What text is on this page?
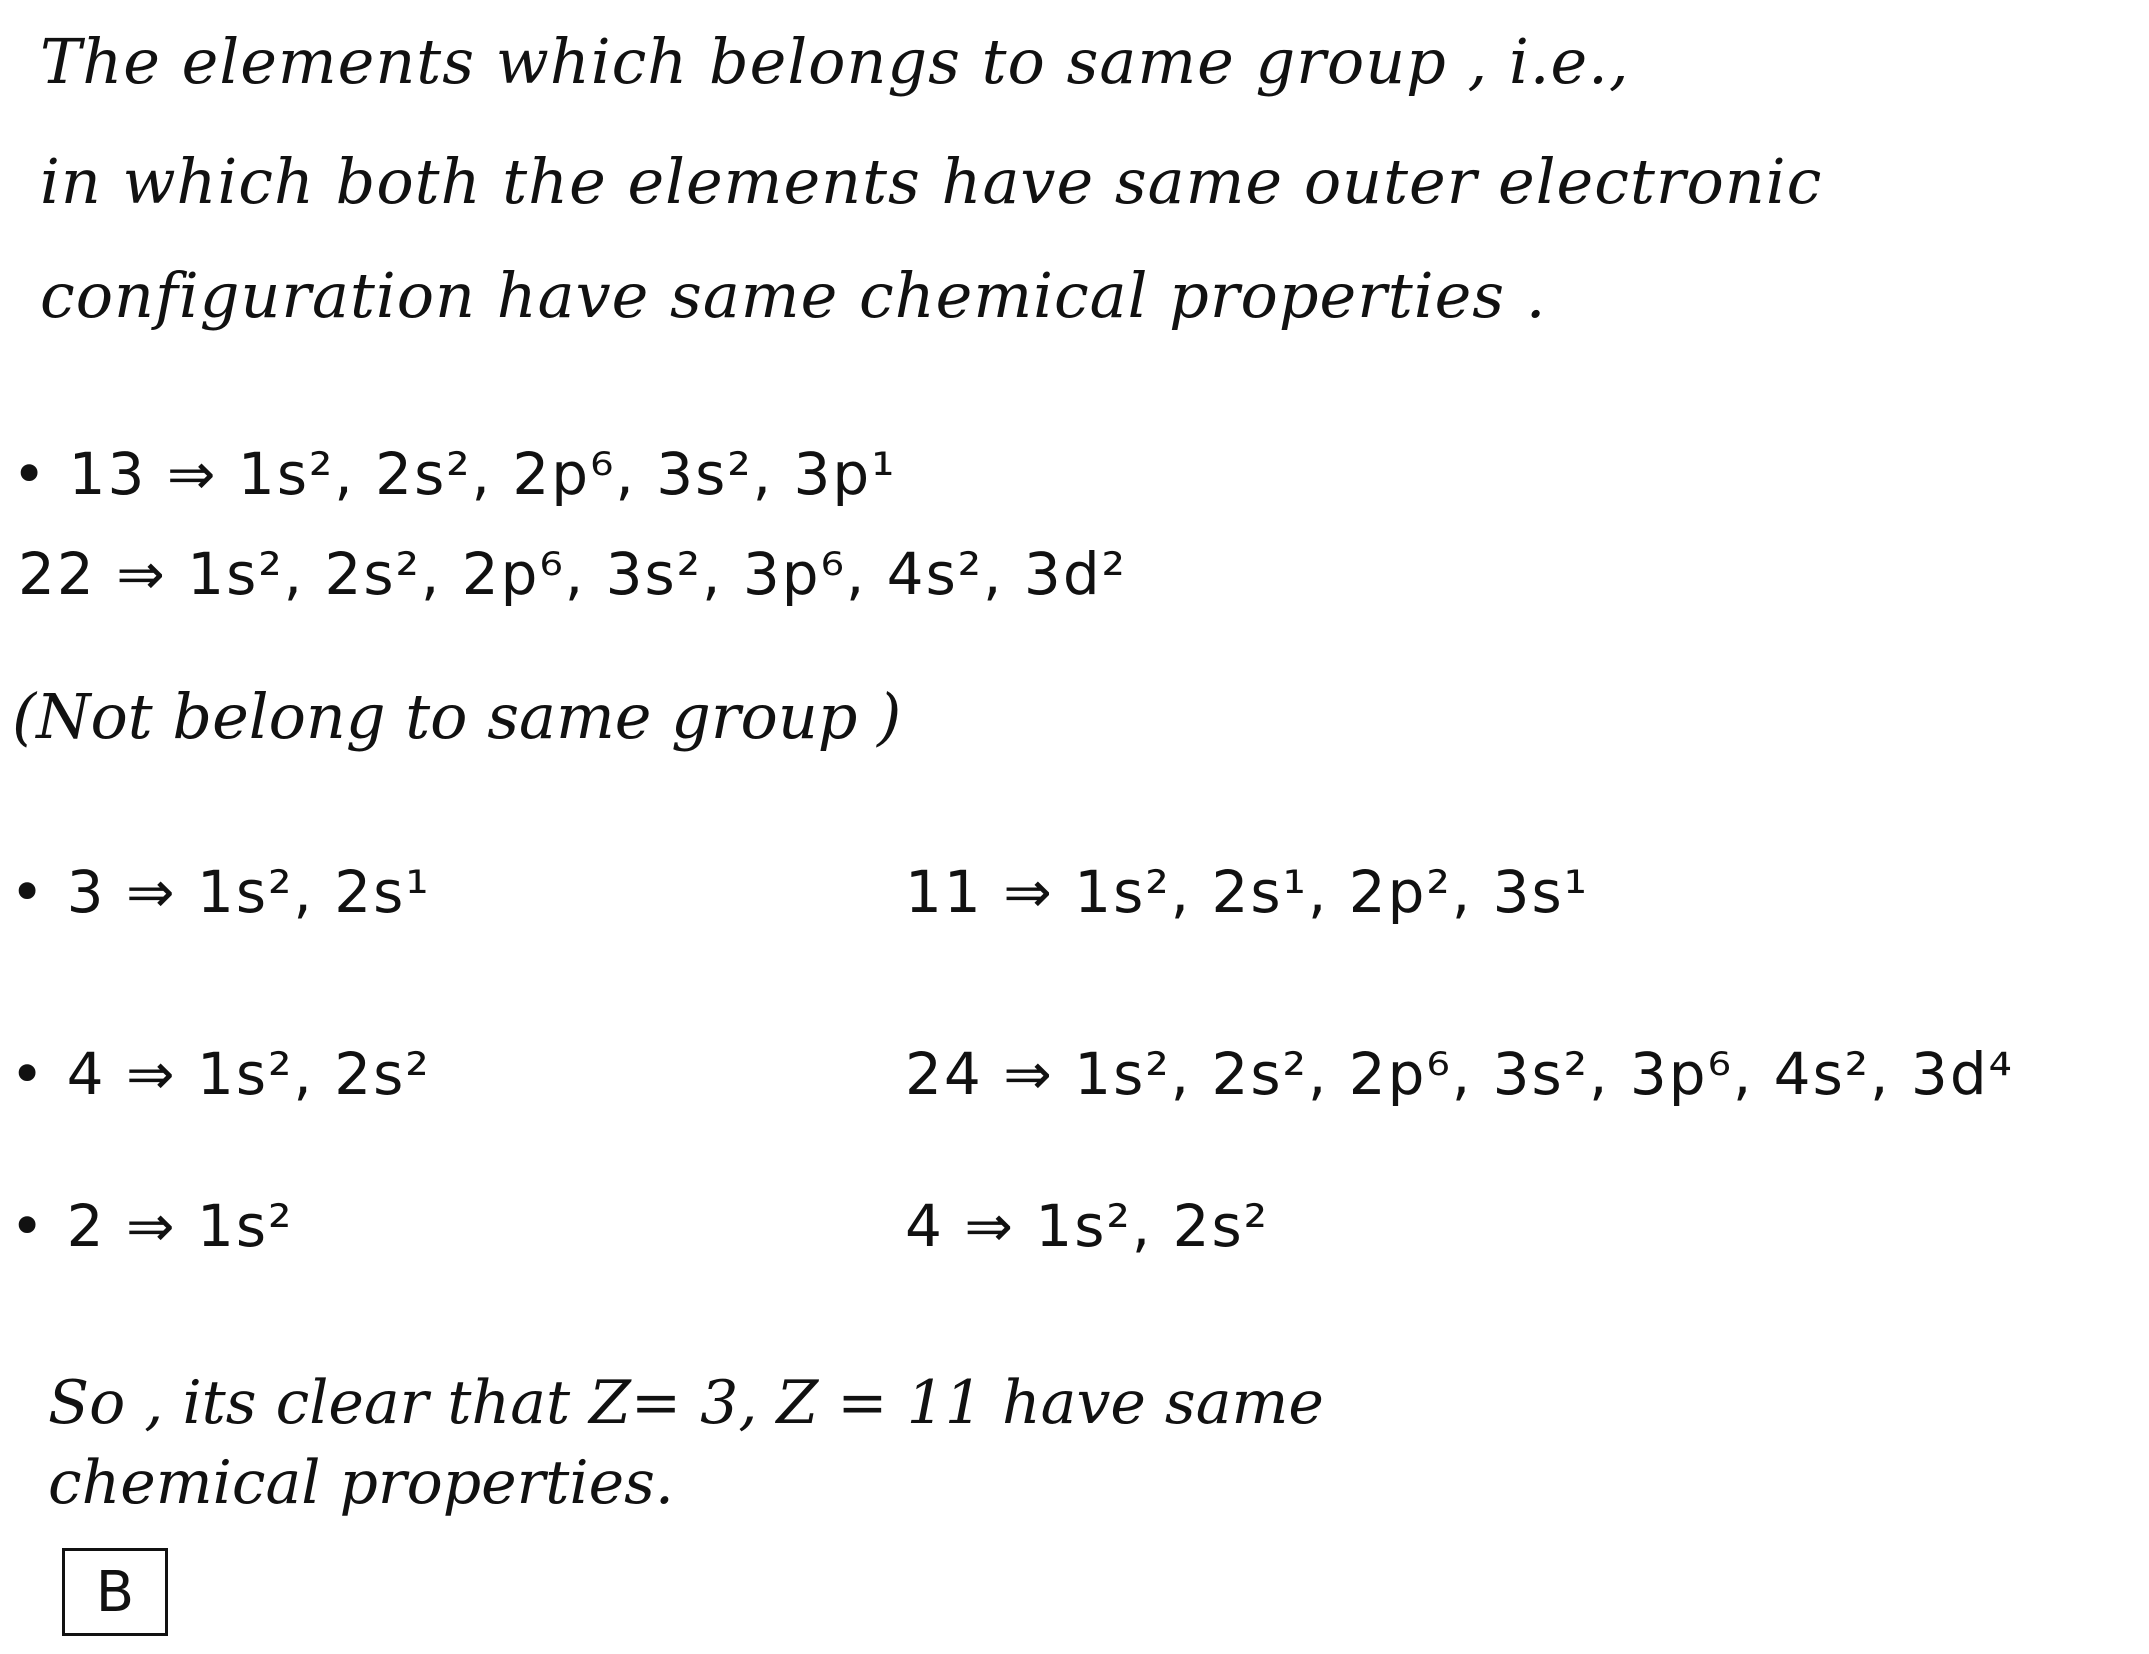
The elements which belongs to same group , i.e.,
in which both the elements have same outer electronic
configuration have same chemical properties .
• 13 ⇒ 1s², 2s², 2p⁶, 3s², 3p¹
22 ⇒ 1s², 2s², 2p⁶, 3s², 3p⁶, 4s², 3d²
(Not belong to same group )
• 3 ⇒ 1s², 2s¹	11 ⇒ 1s², 2s¹, 2p², 3s¹
• 4 ⇒ 1s², 2s²	24 ⇒ 1s², 2s², 2p⁶, 3s², 3p⁶, 4s², 3d⁴
• 2 ⇒ 1s²	4 ⇒ 1s², 2s²
So , its clear that Z= 3, Z = 11 have same
chemical properties.
B
